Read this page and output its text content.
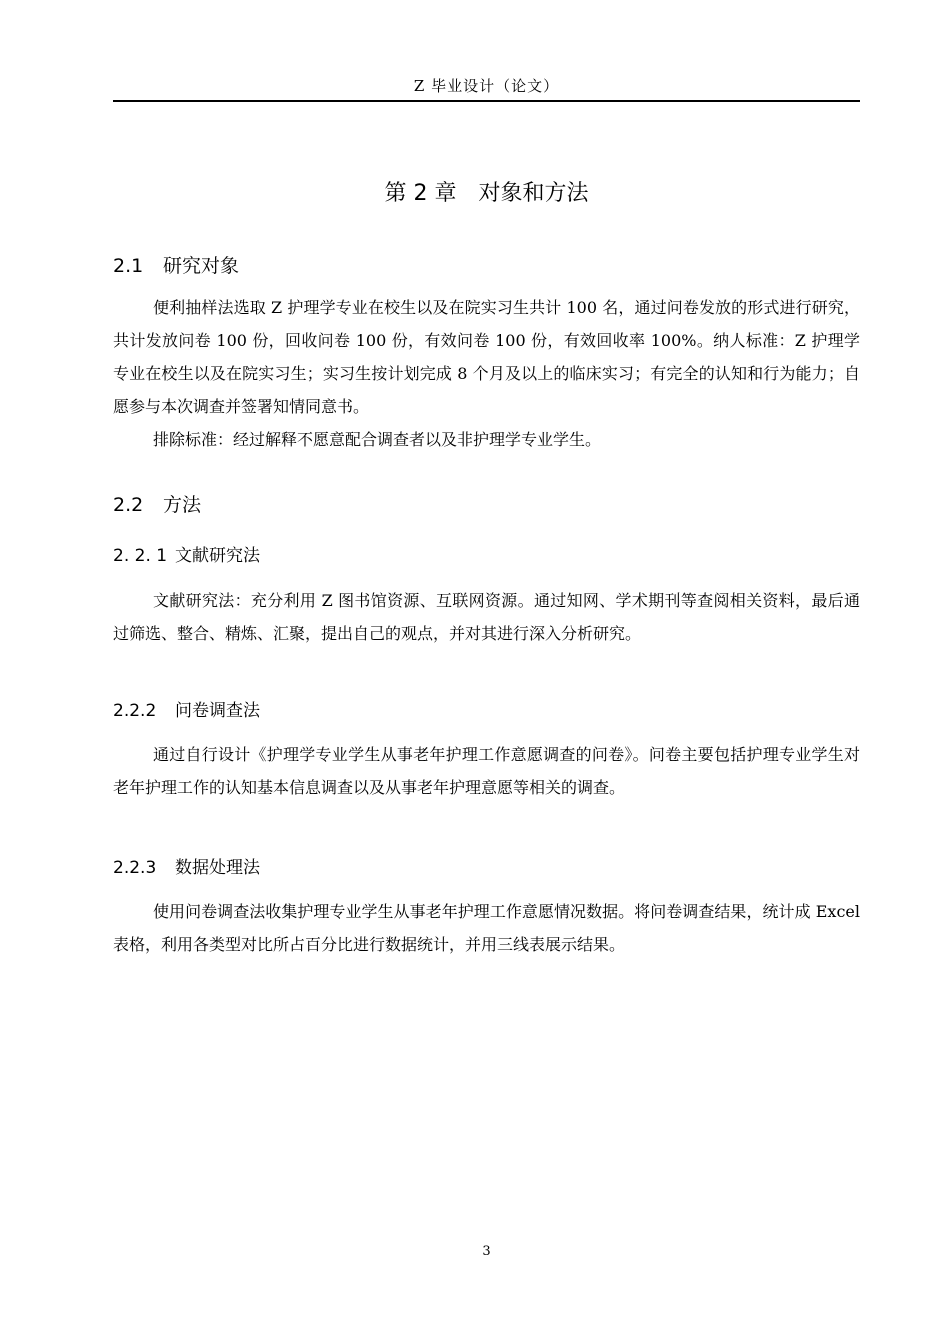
Z 毕业设计（论文）
第 2 章　对象和方法
2.1 研究对象

便利抽样法选取 Z 护理学专业在校生以及在院实习生共计 100 名，通过问卷发放的形式进行研究，共计发放问卷 100 份，回收问卷 100 份，有效问卷 100 份，有效回收率 100%。纳人标准：Z 护理学专业在校生以及在院实习生；实习生按计划完成 8 个月及以上的临床实习；有完全的认知和行为能力；自愿参与本次调查并签署知情同意书。

排除标准：经过解释不愿意配合调查者以及非护理学专业学生。

2.2 方法
2. 2. 1 文献研究法

文献研究法：充分利用 Z 图书馆资源、互联网资源。通过知网、学术期刊等查阅相关资料，最后通过筛选、整合、精炼、汇聚，提出自己的观点，并对其进行深入分析研究。

2.2.2 问卷调查法

通过自行设计《护理学专业学生从事老年护理工作意愿调查的问卷》。问卷主要包括护理专业学生对老年护理工作的认知基本信息调查以及从事老年护理意愿等相关的调查。

2.2.3 数据处理法

使用问卷调查法收集护理专业学生从事老年护理工作意愿情况数据。将问卷调查结果，统计成 Excel 表格，利用各类型对比所占百分比进行数据统计，并用三线表展示结果。

3
